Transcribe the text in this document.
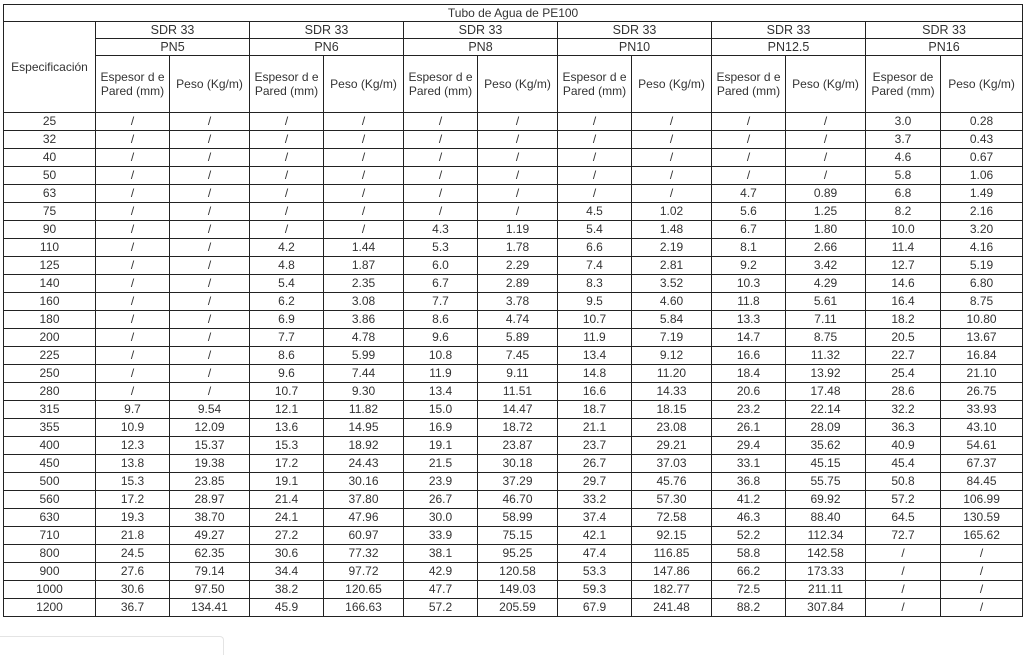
Tubo de Agua de PE100												
Especificación	SDR 33		SDR 33		SDR 33		SDR 33		SDR 33		SDR 33	
	PN5		PN6		PN8		PN10		PN12.5		PN16	
	Espesor d e Pared (mm)	Peso (Kg/m)	Espesor d e Pared (mm)	Peso (Kg/m)	Espesor d e Pared (mm)	Peso (Kg/m)	Espesor d e Pared (mm)	Peso (Kg/m)	Espesor d e Pared (mm)	Peso (Kg/m)	Espesor de Pared (mm)	Peso (Kg/m)
25	/	/	/	/	/	/	/	/	/	/	3.0	0.28
32	/	/	/	/	/	/	/	/	/	/	3.7	0.43
40	/	/	/	/	/	/	/	/	/	/	4.6	0.67
50	/	/	/	/	/	/	/	/	/	/	5.8	1.06
63	/	/	/	/	/	/	/	/	4.7	0.89	6.8	1.49
75	/	/	/	/	/	/	4.5	1.02	5.6	1.25	8.2	2.16
90	/	/	/	/	4.3	1.19	5.4	1.48	6.7	1.80	10.0	3.20
110	/	/	4.2	1.44	5.3	1.78	6.6	2.19	8.1	2.66	11.4	4.16
125	/	/	4.8	1.87	6.0	2.29	7.4	2.81	9.2	3.42	12.7	5.19
140	/	/	5.4	2.35	6.7	2.89	8.3	3.52	10.3	4.29	14.6	6.80
160	/	/	6.2	3.08	7.7	3.78	9.5	4.60	11.8	5.61	16.4	8.75
180	/	/	6.9	3.86	8.6	4.74	10.7	5.84	13.3	7.11	18.2	10.80
200	/	/	7.7	4.78	9.6	5.89	11.9	7.19	14.7	8.75	20.5	13.67
225	/	/	8.6	5.99	10.8	7.45	13.4	9.12	16.6	11.32	22.7	16.84
250	/	/	9.6	7.44	11.9	9.11	14.8	11.20	18.4	13.92	25.4	21.10
280	/	/	10.7	9.30	13.4	11.51	16.6	14.33	20.6	17.48	28.6	26.75
315	9.7	9.54	12.1	11.82	15.0	14.47	18.7	18.15	23.2	22.14	32.2	33.93
355	10.9	12.09	13.6	14.95	16.9	18.72	21.1	23.08	26.1	28.09	36.3	43.10
400	12.3	15.37	15.3	18.92	19.1	23.87	23.7	29.21	29.4	35.62	40.9	54.61
450	13.8	19.38	17.2	24.43	21.5	30.18	26.7	37.03	33.1	45.15	45.4	67.37
500	15.3	23.85	19.1	30.16	23.9	37.29	29.7	45.76	36.8	55.75	50.8	84.45
560	17.2	28.97	21.4	37.80	26.7	46.70	33.2	57.30	41.2	69.92	57.2	106.99
630	19.3	38.70	24.1	47.96	30.0	58.99	37.4	72.58	46.3	88.40	64.5	130.59
710	21.8	49.27	27.2	60.97	33.9	75.15	42.1	92.15	52.2	112.34	72.7	165.62
800	24.5	62.35	30.6	77.32	38.1	95.25	47.4	116.85	58.8	142.58	/	/
900	27.6	79.14	34.4	97.72	42.9	120.58	53.3	147.86	66.2	173.33	/	/
1000	30.6	97.50	38.2	120.65	47.7	149.03	59.3	182.77	72.5	211.11	/	/
1200	36.7	134.41	45.9	166.63	57.2	205.59	67.9	241.48	88.2	307.84	/	/
